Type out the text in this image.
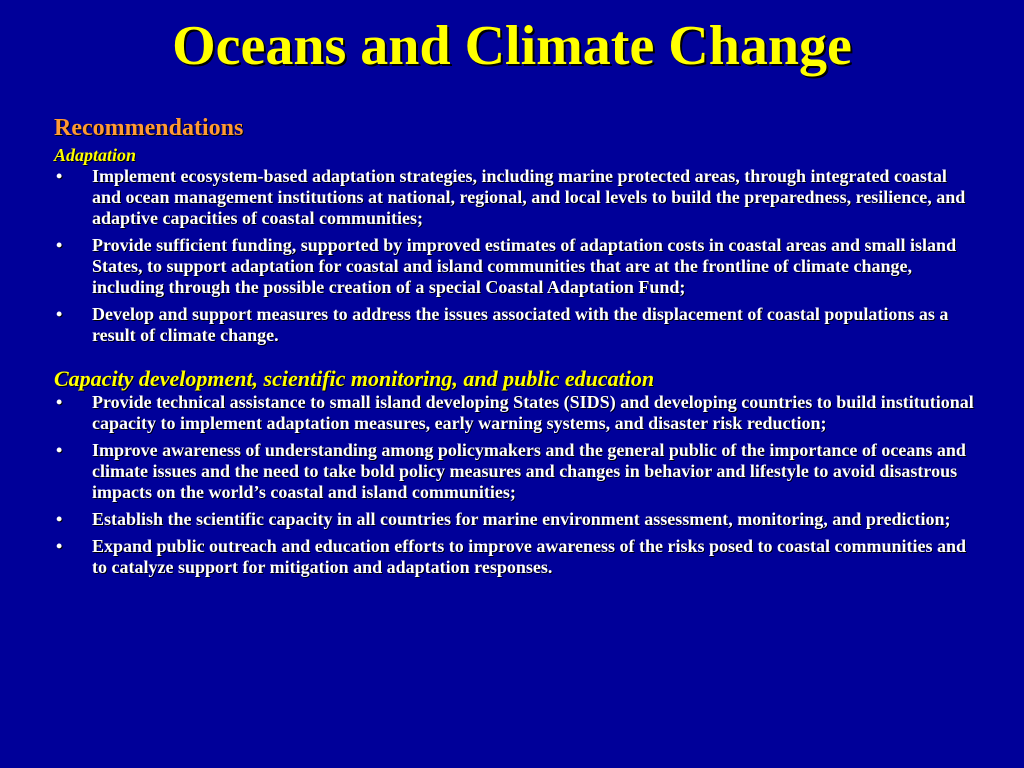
Oceans and Climate Change
Recommendations
Adaptation
• Implement ecosystem-based adaptation strategies, including marine protected areas, through integrated coastal and ocean management institutions at national, regional, and local levels to build the preparedness, resilience, and adaptive capacities of coastal communities;
• Provide sufficient funding, supported by improved estimates of adaptation costs in coastal areas and small island States, to support adaptation for coastal and island communities that are at the frontline of climate change, including through the possible creation of a special Coastal Adaptation Fund;
• Develop and support measures to address the issues associated with the displacement of coastal populations as a result of climate change.
Capacity development, scientific monitoring, and public education
• Provide technical assistance to small island developing States (SIDS) and developing countries to build institutional capacity to implement adaptation measures, early warning systems, and disaster risk reduction;
• Improve awareness of understanding among policymakers and the general public of the importance of oceans and climate issues and the need to take bold policy measures and changes in behavior and lifestyle to avoid disastrous impacts on the world’s coastal and island communities;
• Establish the scientific capacity in all countries for marine environment assessment, monitoring, and prediction;
• Expand public outreach and education efforts to improve awareness of the risks posed to coastal communities and to catalyze support for mitigation and adaptation responses.
